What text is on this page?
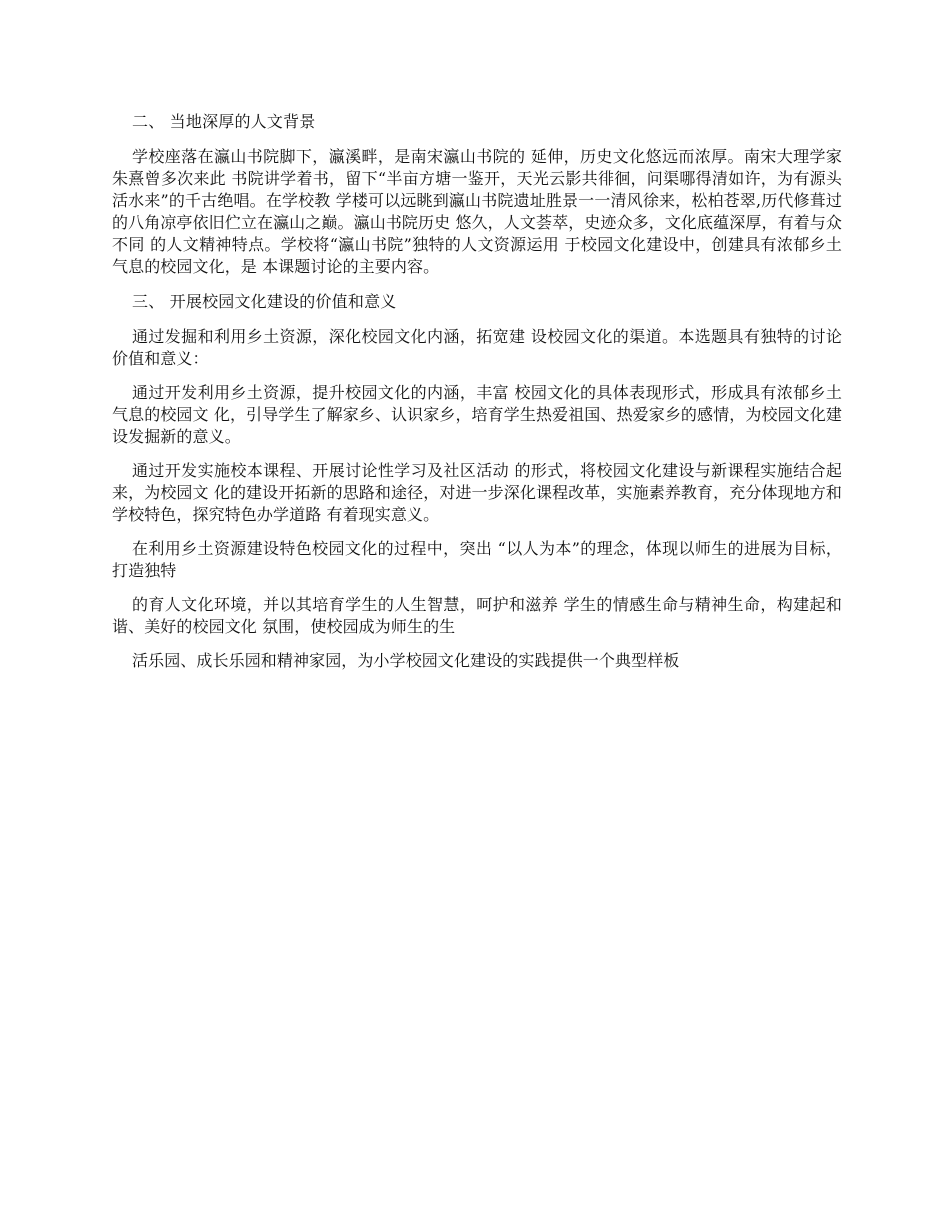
二、 当地深厚的人文背景

学校座落在瀛山书院脚下，瀛溪畔，是南宋瀛山书院的 延伸，历史文化悠远而浓厚。南宋大理学家朱熹曾多次来此 书院讲学着书，留下“半亩方塘一鉴开，天光云影共徘徊，问渠哪得清如许，为有源头活水来”的千古绝唱。在学校教 学楼可以远眺到瀛山书院遗址胜景一一清风徐来，松柏苍翠,历代修葺过的八角凉亭依旧伫立在瀛山之巅。瀛山书院历史 悠久，人文荟萃，史迹众多，文化底蕴深厚，有着与众不同 的人文精神特点。学校将“瀛山书院”独特的人文资源运用 于校园文化建设中，创建具有浓郁乡土气息的校园文化，是 本课题讨论的主要内容。

三、 开展校园文化建设的价值和意义

通过发掘和利用乡土资源，深化校园文化内涵，拓宽建 设校园文化的渠道。本选题具有独特的讨论价值和意义：

通过开发利用乡土资源，提升校园文化的内涵，丰富 校园文化的具体表现形式，形成具有浓郁乡土气息的校园文 化，引导学生了解家乡、认识家乡，培育学生热爱祖国、热爱家乡的感情，为校园文化建设发掘新的意义。

通过开发实施校本课程、开展讨论性学习及社区活动 的形式，将校园文化建设与新课程实施结合起来，为校园文 化的建设开拓新的思路和途径，对进一步深化课程改革，实施素养教育，充分体现地方和学校特色，探究特色办学道路 有着现实意义。

在利用乡土资源建设特色校园文化的过程中，突出 “以人为本”的理念，体现以师生的进展为目标，打造独特

的育人文化环境，并以其培育学生的人生智慧，呵护和滋养 学生的情感生命与精神生命，构建起和谐、美好的校园文化 氛围，使校园成为师生的生

活乐园、成长乐园和精神家园，为小学校园文化建设的实践提供一个典型样板
